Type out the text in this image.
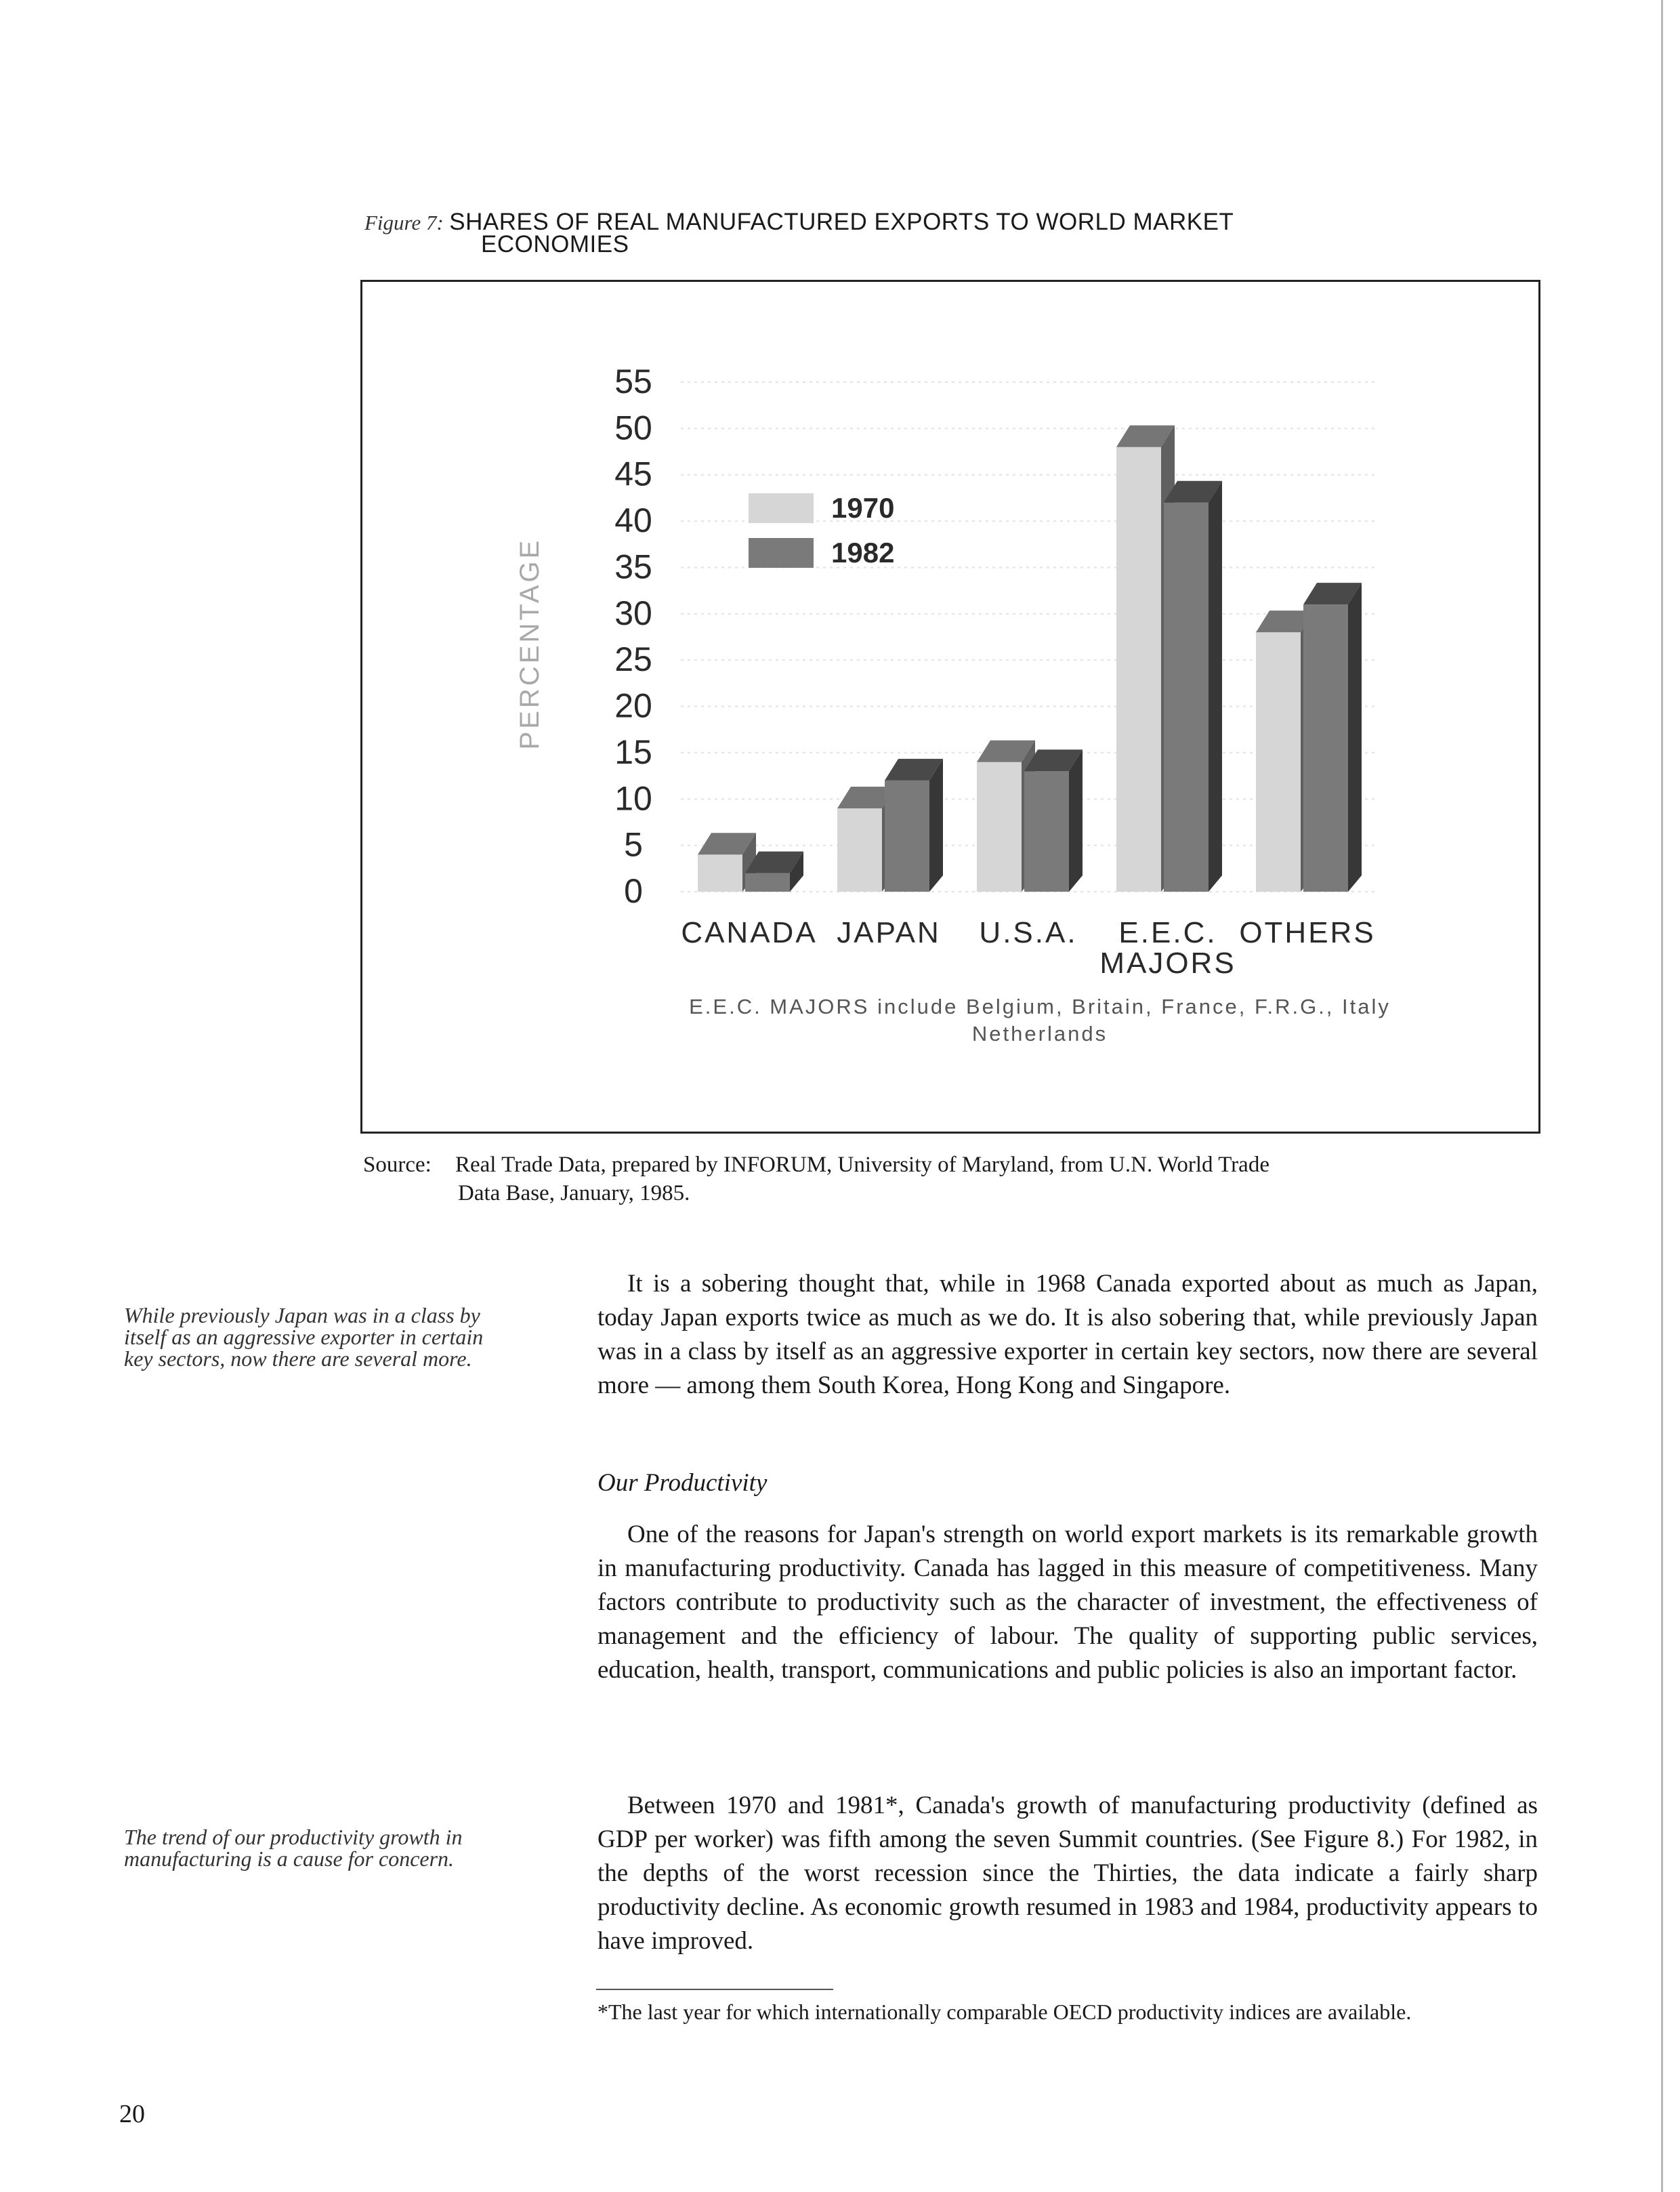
Figure 7: SHARES OF REAL MANUFACTURED EXPORTS TO WORLD MARKET
ECONOMIES
0
5
10
15
20
25
30
35
40
45
50
55
PERCENTAGE
CANADA JAPAN U.S.A. E.E.C.
MAJORS
OTHERS
1970
1982
E.E.C. MAJORS include Belgium, Britain, France, F.R.G., Italy
Netherlands
Source: Real Trade Data, prepared by INFORUM, University of Maryland, from U.N. World Trade
Data Base, January, 1985.
While previously Japan was in a class by itself as an aggressive exporter in certain key sectors, now there are several more.
The trend of our productivity growth in manufacturing is a cause for concern.
It is a sobering thought that, while in 1968 Canada exported about as much as Japan, today Japan exports twice as much as we do. It is also sobering that, while previously Japan was in a class by itself as an aggressive exporter in certain key sectors, now there are several more — among them South Korea, Hong Kong and Singapore.
Our Productivity
One of the reasons for Japan's strength on world export markets is its remarkable growth in manufacturing productivity. Canada has lagged in this measure of competitiveness. Many factors contribute to productivity such as the character of investment, the effectiveness of management and the efficiency of labour. The quality of supporting public services, education, health, transport, communications and public policies is also an important factor.
Between 1970 and 1981*, Canada's growth of manufacturing productivity (defined as GDP per worker) was fifth among the seven Summit countries. (See Figure 8.) For 1982, in the depths of the worst recession since the Thirties, the data indicate a fairly sharp productivity decline. As economic growth resumed in 1983 and 1984, productivity appears to have improved.
*The last year for which internationally comparable OECD productivity indices are available.
20
